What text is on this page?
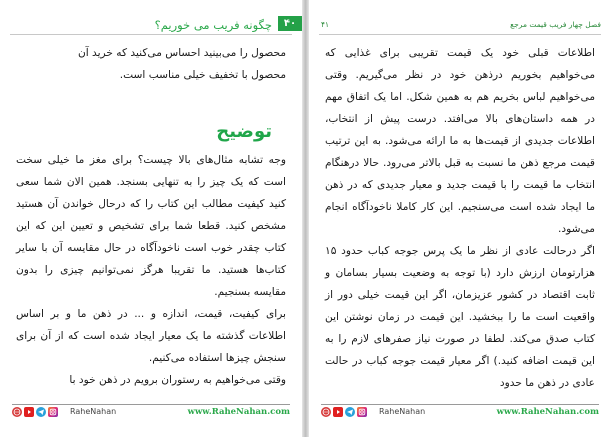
۴۰
چگونه فریب می خوریم؟

محصول را می‌بینید احساس می‌کنید که خرید آن

محصول با تخفیف خیلی مناسب است.

توضیح

وجه تشابه مثال‌های بالا چیست؟ برای مغز ما خیلی سخت است که یک چیز را به تنهایی بسنجد. همین الان شما سعی کنید کیفیت مطالب این کتاب را که درحال خواندن آن هستید مشخص کنید. قطعا شما برای تشخیص و تعیین این که این کتاب چقدر خوب است ناخودآگاه در حال مقایسه آن با سایر کتاب‌ها هستید. ما تقریبا هرگز نمی‌توانیم چیزی را بدون مقایسه بسنجیم.

برای کیفیت، قیمت، اندازه و ... در ذهن ما و بر اساس اطلاعات گذشته ما یک معیار ایجاد شده است که از آن برای سنجش چیزها استفاده می‌کنیم.

وقتی می‌خواهیم به رستوران برویم در ذهن خود با

www.RaheNahan.com
RaheNahan
فصل چهار فریب قیمت مرجع
۴۱

اطلاعات قبلی خود یک قیمت تقریبی برای غذایی که می‌خواهیم بخوریم درذهن خود در نظر می‌گیریم. وقتی می‌خواهیم لباس بخریم هم به همین شکل. اما یک اتفاق مهم در همه داستان‌های بالا می‌افتد. درست پیش از انتخاب، اطلاعات جدیدی از قیمت‌ها به ما ارائه می‌شود. به این ترتیب قیمت مرجع ذهن ما نسبت به قبل بالاتر می‌رود. حالا درهنگام انتخاب ما قیمت را با قیمت جدید و معیار جدیدی که در ذهن ما ایجاد شده است می‌سنجیم. این کار کاملا ناخودآگاه انجام می‌شود.

اگر درحالت عادی از نظر ما یک پرس جوجه کباب حدود ۱۵ هزارتومان ارزش دارد (با توجه به وضعیت بسیار بسامان و ثابت اقتصاد در کشور عزیزمان، اگر این قیمت خیلی دور از واقعیت است ما را ببخشید. این قیمت در زمان نوشتن این کتاب صدق می‌کند. لطفا در صورت نیاز صفرهای لازم را به این قیمت اضافه کنید.) اگر معیار قیمت جوجه کباب در حالت عادی در ذهن ما حدود

www.RaheNahan.com
RaheNahan
